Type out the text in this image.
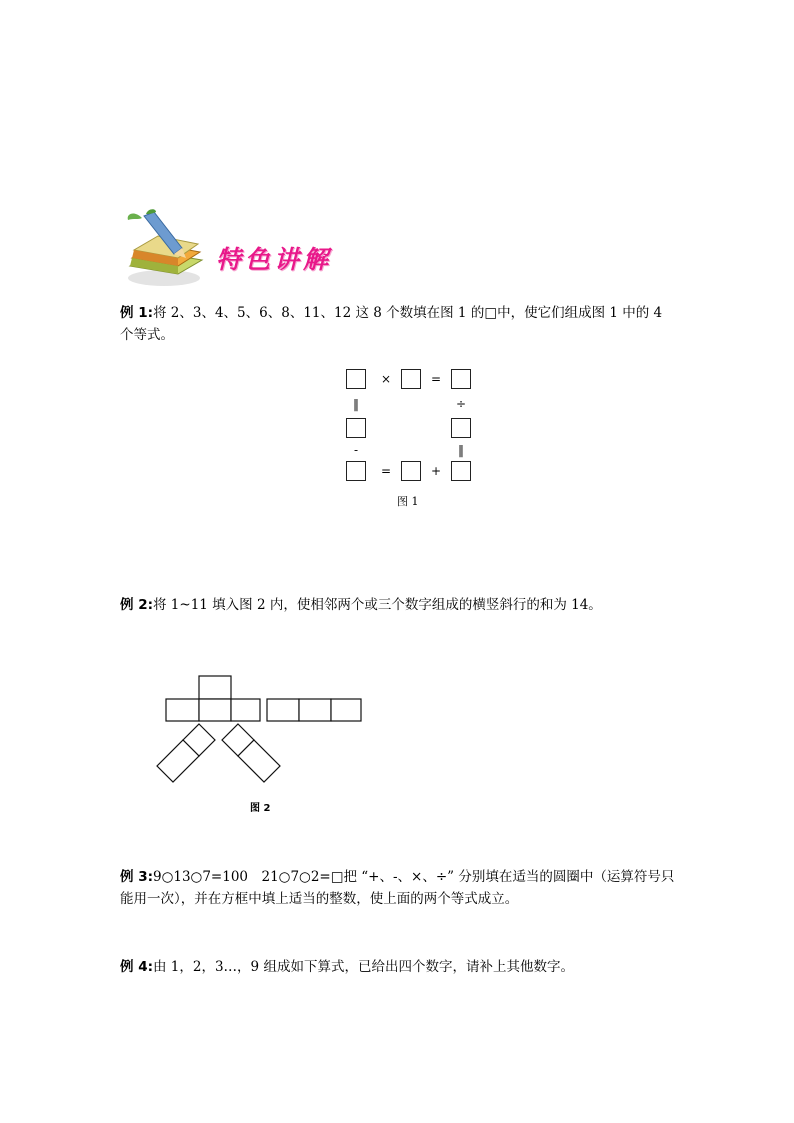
特色讲解
例 1:将 2、3、4、5、6、8、11、12 这 8 个数填在图 1 的□中，使它们组成图 1 中的 4 个等式。
×	=
‖	÷
-	‖
=	+
图 1
例 2:将 1~11 填入图 2 内，使相邻两个或三个数字组成的横竖斜行的和为 14。
图 2
例 3:9○13○7=100　21○7○2=□把 “+、-、×、÷” 分别填在适当的圆圈中（运算符号只能用一次），并在方框中填上适当的整数，使上面的两个等式成立。
例 4:由 1，2，3…，9 组成如下算式，已给出四个数字，请补上其他数字。
